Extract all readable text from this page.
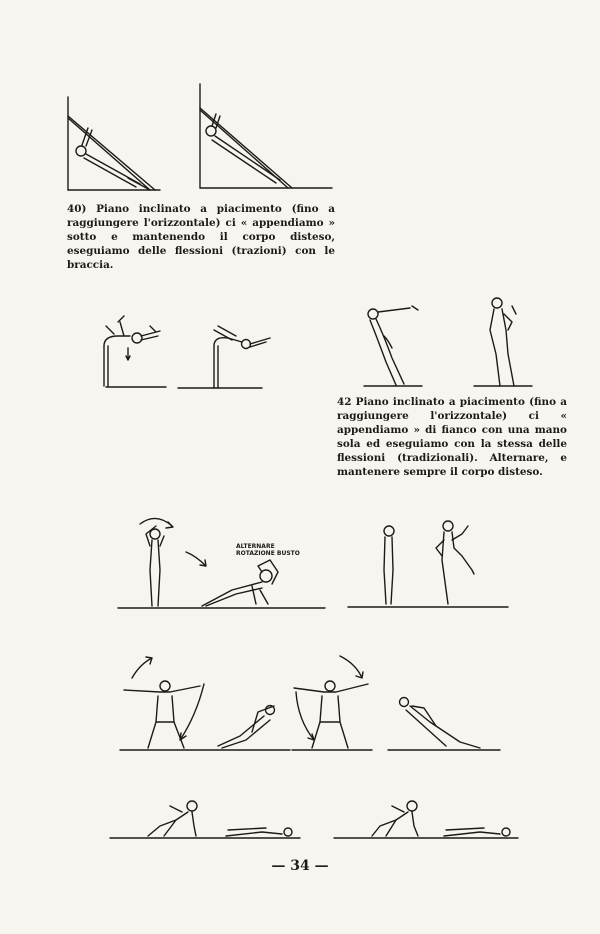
40) Piano inclinato a piacimento (fino a raggiungere l'orizzontale) ci « appendiamo » sotto e mantenendo il corpo disteso, eseguiamo delle flessioni (trazioni) con le braccia.

42 Piano inclinato a piacimento (fino a raggiungere l'orizzontale) ci « appendiamo » di fianco con una mano sola ed eseguiamo con la stessa delle flessioni (tradizionali). Alternare, e mantenere sempre il corpo disteso.

ALTERNARE
ROTAZIONE BUSTO
— 34 —
